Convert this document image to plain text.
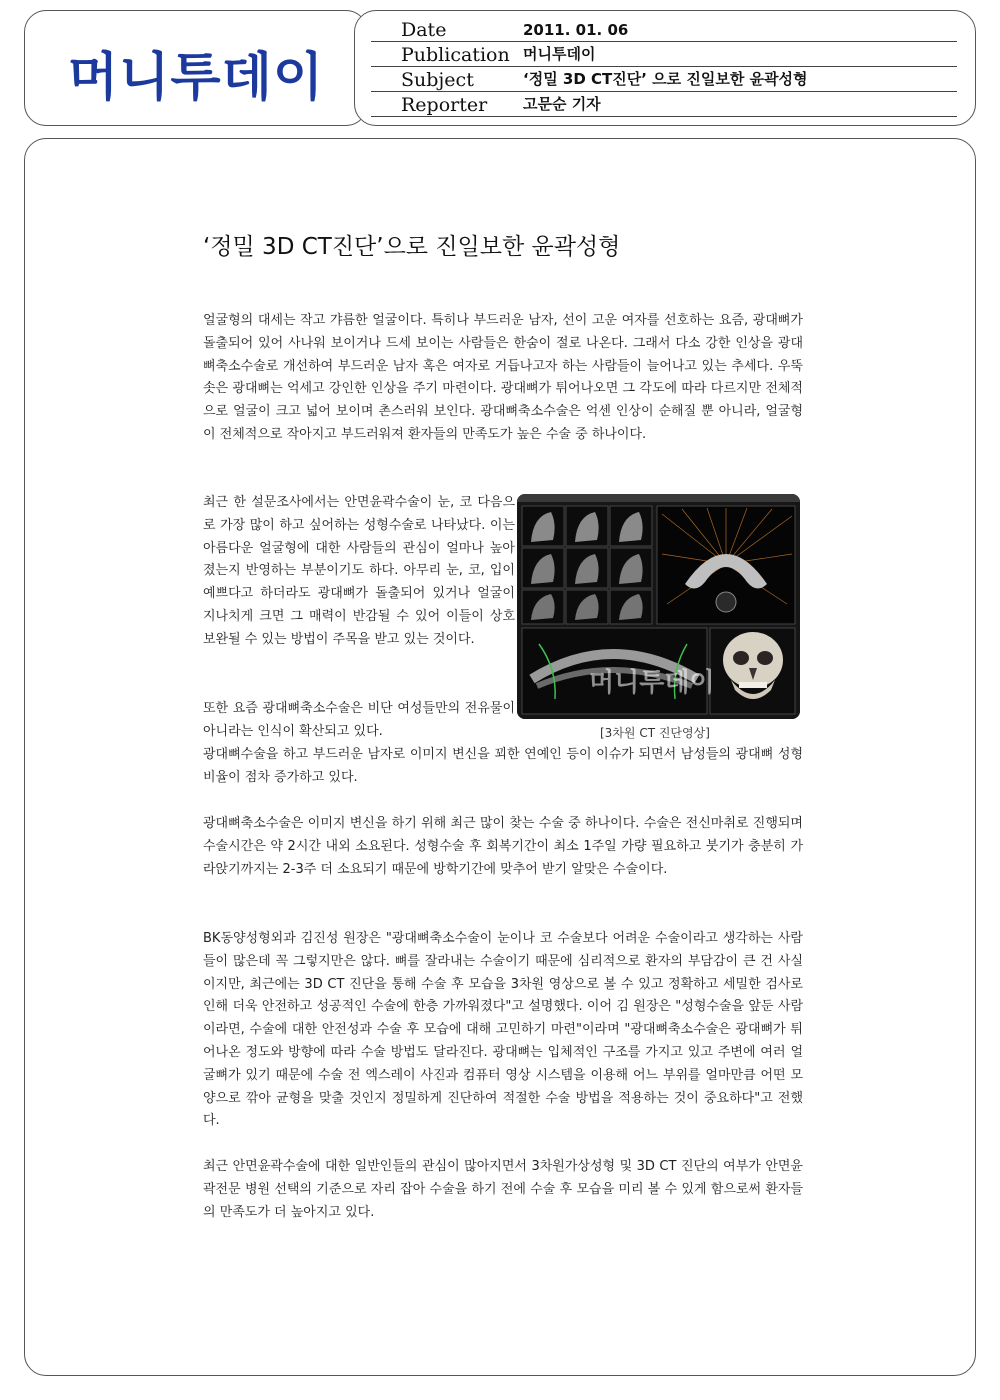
머니투데이
Date	2011. 01. 06
Publication 머니투데이
Subject	‘정밀 3D CT진단’ 으로 진일보한 윤곽성형
Reporter 고문순 기자
‘정밀 3D CT진단’으로 진일보한 윤곽성형

얼굴형의 대세는 작고 갸름한 얼굴이다. 특히나 부드러운 남자, 선이 고운 여자를 선호하는 요즘, 광대뼈가 돌출되어 있어 사나워 보이거나 드세 보이는 사람들은 한숨이 절로 나온다. 그래서 다소 강한 인상을 광대뼈축소수술로 개선하여 부드러운 남자 혹은 여자로 거듭나고자 하는 사람들이 늘어나고 있는 추세다. 우뚝 솟은 광대뼈는 억세고 강인한 인상을 주기 마련이다. 광대뼈가 튀어나오면 그 각도에 따라 다르지만 전체적으로 얼굴이 크고 넓어 보이며 촌스러워 보인다. 광대뼈축소수술은 억센 인상이 순해질 뿐 아니라, 얼굴형이 전체적으로 작아지고 부드러워져 환자들의 만족도가 높은 수술 중 하나이다.

최근 한 설문조사에서는 안면윤곽수술이 눈, 코 다음으로 가장 많이 하고 싶어하는 성형수술로 나타났다. 이는 아름다운 얼굴형에 대한 사람들의 관심이 얼마나 높아졌는지 반영하는 부분이기도 하다. 아무리 눈, 코, 입이 예쁘다고 하더라도 광대뼈가 돌출되어 있거나 얼굴이 지나치게 크면 그 매력이 반감될 수 있어 이들이 상호 보완될 수 있는 방법이 주목을 받고 있는 것이다.

또한 요즘 광대뼈축소수술은 비단 여성들만의 전유물이 아니라는 인식이 확산되고 있다.

광대뼈수술을 하고 부드러운 남자로 이미지 변신을 꾀한 연예인 등이 이슈가 되면서 남성들의 광대뼈 성형비율이 점차 증가하고 있다.

광대뼈축소수술은 이미지 변신을 하기 위해 최근 많이 찾는 수술 중 하나이다. 수술은 전신마취로 진행되며 수술시간은 약 2시간 내외 소요된다. 성형수술 후 회복기간이 최소 1주일 가량 필요하고 붓기가 충분히 가라앉기까지는 2-3주 더 소요되기 때문에 방학기간에 맞추어 받기 알맞은 수술이다.

BK동양성형외과 김진성 원장은 "광대뼈축소수술이 눈이나 코 수술보다 어려운 수술이라고 생각하는 사람들이 많은데 꼭 그렇지만은 않다. 뼈를 잘라내는 수술이기 때문에 심리적으로 환자의 부담감이 큰 건 사실이지만, 최근에는 3D CT 진단을 통해 수술 후 모습을 3차원 영상으로 볼 수 있고 정확하고 세밀한 검사로 인해 더욱 안전하고 성공적인 수술에 한층 가까워졌다"고 설명했다. 이어 김 원장은 "성형수술을 앞둔 사람이라면, 수술에 대한 안전성과 수술 후 모습에 대해 고민하기 마련"이라며 "광대뼈축소수술은 광대뼈가 튀어나온 정도와 방향에 따라 수술 방법도 달라진다. 광대뼈는 입체적인 구조를 가지고 있고 주변에 여러 얼굴뼈가 있기 때문에 수술 전 엑스레이 사진과 컴퓨터 영상 시스템을 이용해 어느 부위를 얼마만큼 어떤 모양으로 깎아 균형을 맞출 것인지 정밀하게 진단하여 적절한 수술 방법을 적용하는 것이 중요하다"고 전했다.

최근 안면윤곽수술에 대한 일반인들의 관심이 많아지면서 3차원가상성형 및 3D CT 진단의 여부가 안면윤곽전문 병원 선택의 기준으로 자리 잡아 수술을 하기 전에 수술 후 모습을 미리 볼 수 있게 함으로써 환자들의 만족도가 더 높아지고 있다.

머니투데이
[3차원 CT 진단영상]
